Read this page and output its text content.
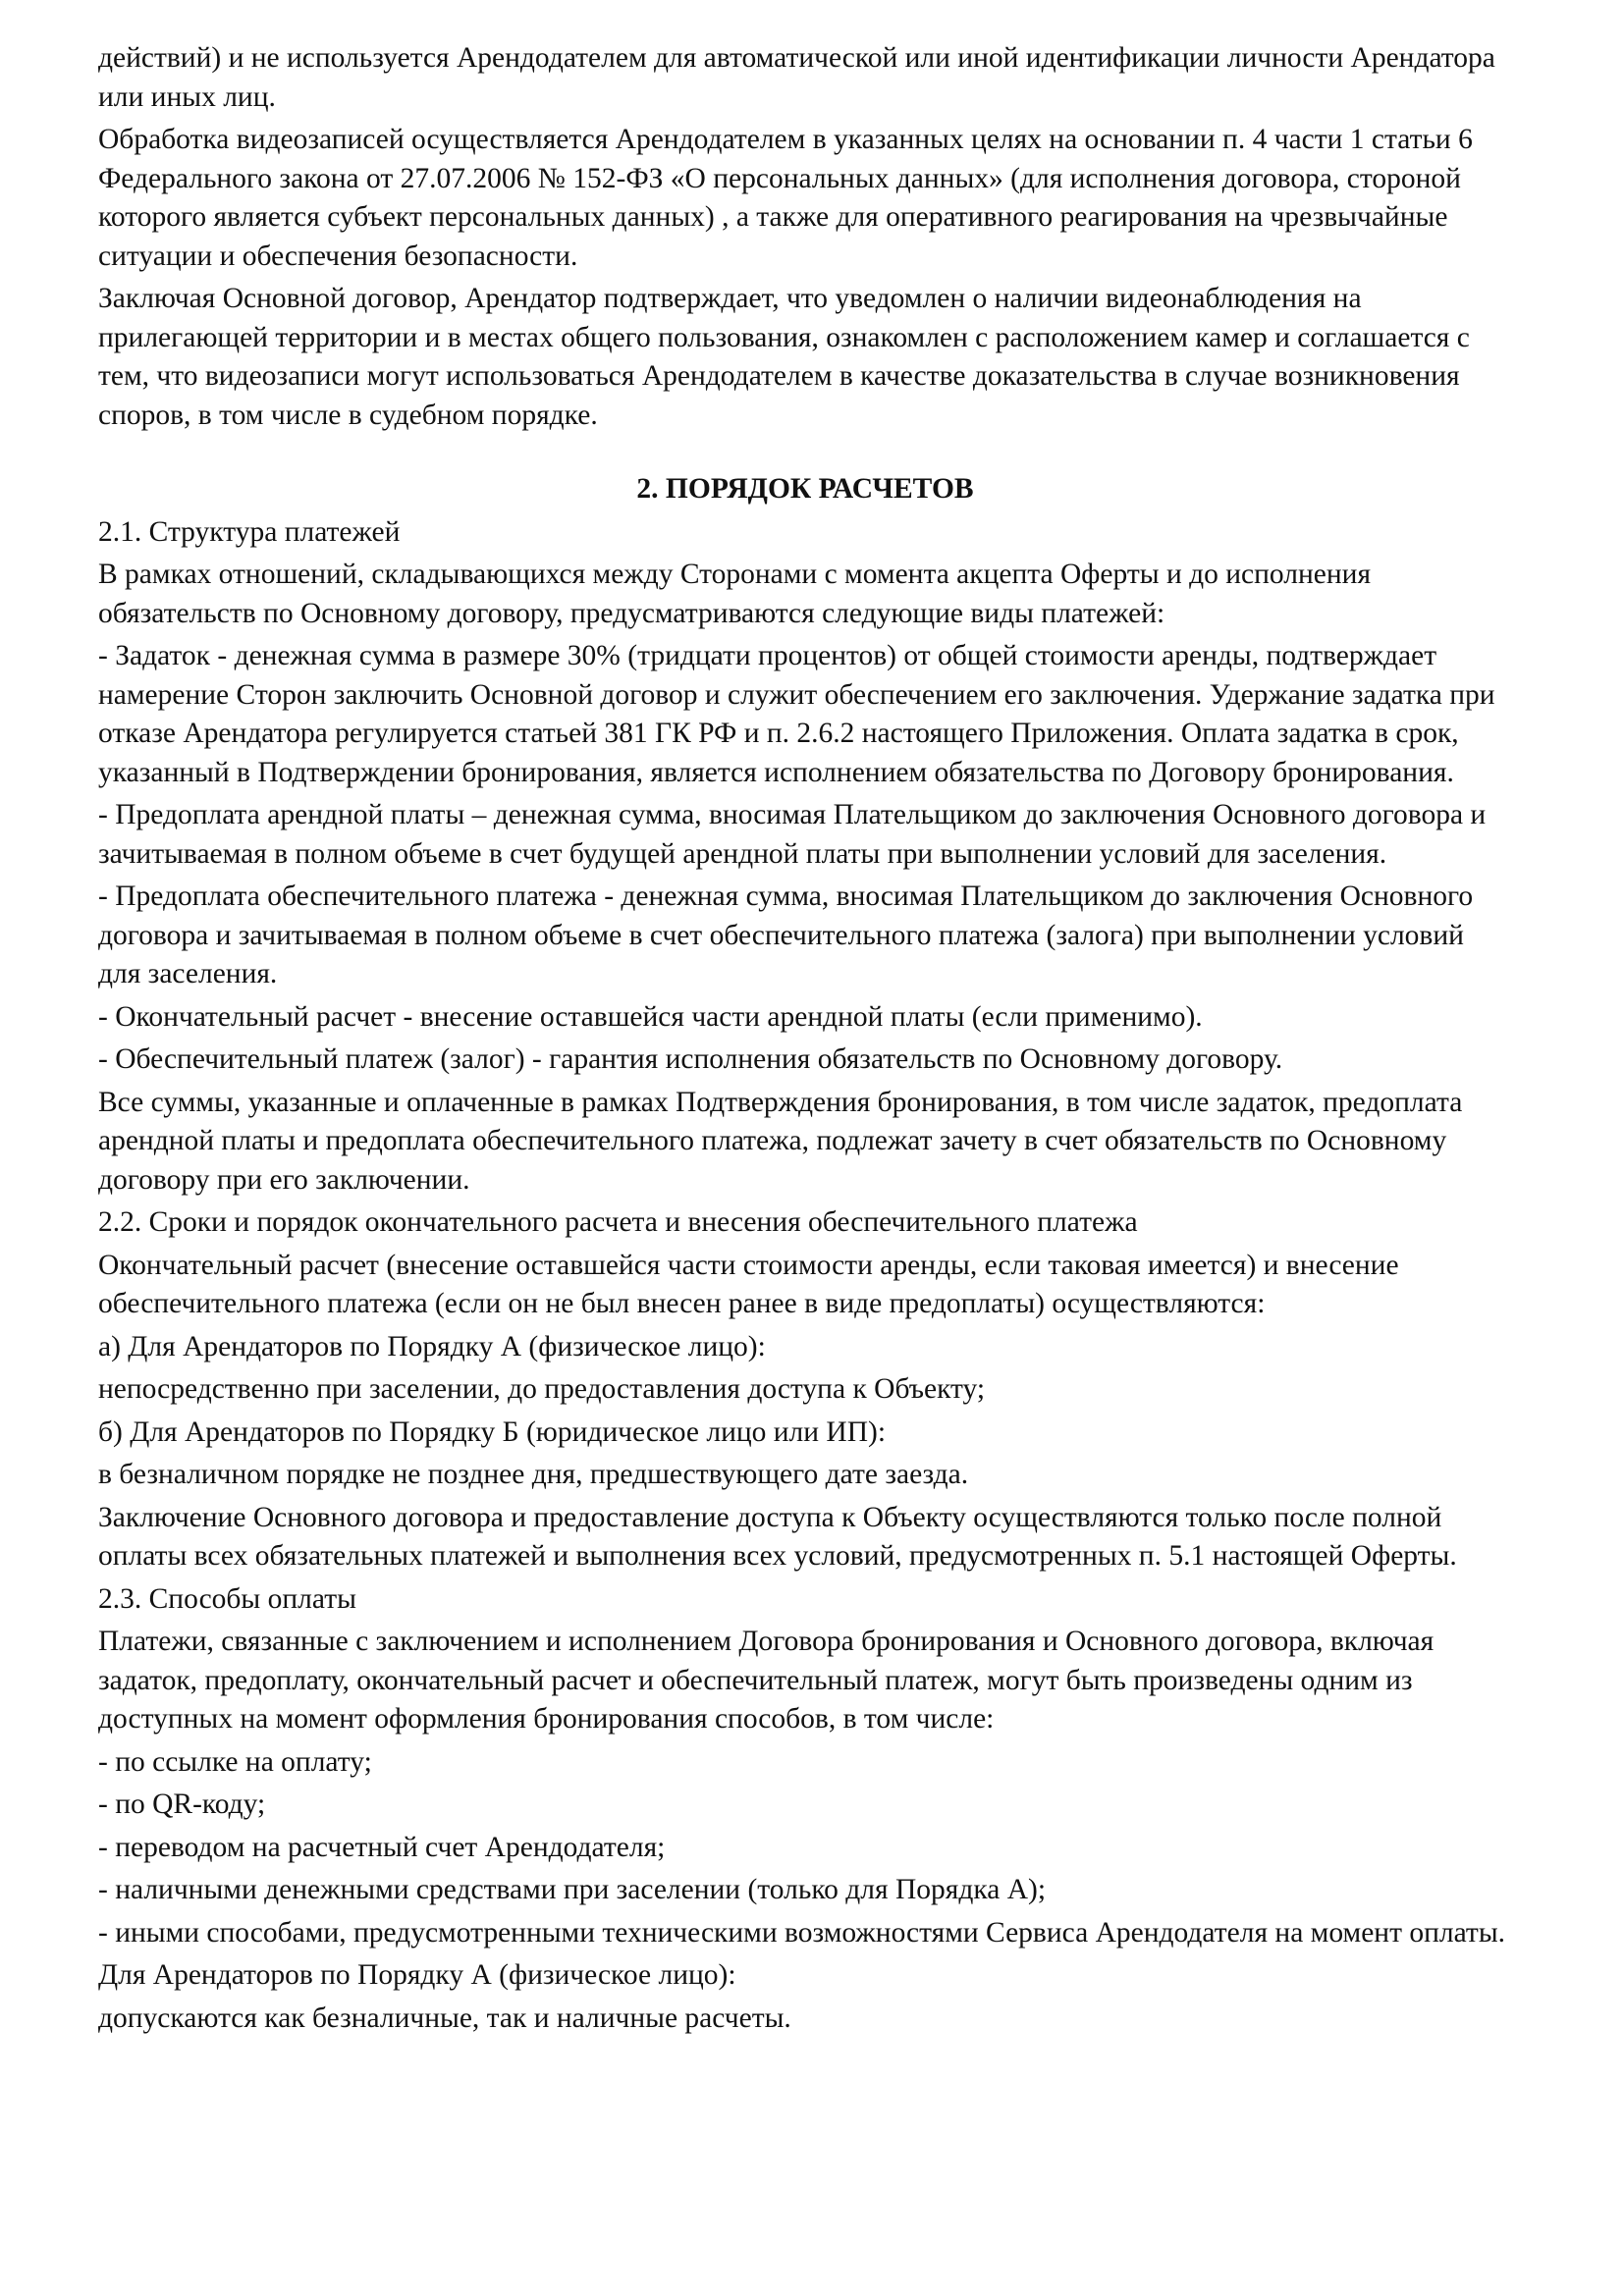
действий) и не используется Арендодателем для автоматической или иной идентификации личности Арендатора или иных лиц.

Обработка видеозаписей осуществляется Арендодателем в указанных целях на основании п. 4 части 1 статьи 6 Федерального закона от 27.07.2006 № 152-ФЗ «О персональных данных» (для исполнения договора, стороной которого является субъект персональных данных) , а также для оперативного реагирования на чрезвычайные ситуации и обеспечения безопасности.

Заключая Основной договор, Арендатор подтверждает, что уведомлен о наличии видеонаблюдения на прилегающей территории и в местах общего пользования, ознакомлен с расположением камер и соглашается с тем, что видеозаписи могут использоваться Арендодателем в качестве доказательства в случае возникновения споров, в том числе в судебном порядке.

2. ПОРЯДОК РАСЧЕТОВ

2.1. Структура платежей

В рамках отношений, складывающихся между Сторонами с момента акцепта Оферты и до исполнения обязательств по Основному договору, предусматриваются следующие виды платежей:

- Задаток - денежная сумма в размере 30% (тридцати процентов) от общей стоимости аренды, подтверждает намерение Сторон заключить Основной договор и служит обеспечением его заключения. Удержание задатка при отказе Арендатора регулируется статьей 381 ГК РФ и п. 2.6.2 настоящего Приложения. Оплата задатка в срок, указанный в Подтверждении бронирования, является исполнением обязательства по Договору бронирования.

- Предоплата арендной платы – денежная сумма, вносимая Плательщиком до заключения Основного договора и зачитываемая в полном объеме в счет будущей арендной платы при выполнении условий для заселения.

- Предоплата обеспечительного платежа - денежная сумма, вносимая Плательщиком до заключения Основного договора и зачитываемая в полном объеме в счет обеспечительного платежа (залога) при выполнении условий для заселения.

- Окончательный расчет - внесение оставшейся части арендной платы (если применимо).

- Обеспечительный платеж (залог) - гарантия исполнения обязательств по Основному договору.

Все суммы, указанные и оплаченные в рамках Подтверждения бронирования, в том числе задаток, предоплата арендной платы и предоплата обеспечительного платежа, подлежат зачету в счет обязательств по Основному договору при его заключении.

2.2. Сроки и порядок окончательного расчета и внесения обеспечительного платежа

Окончательный расчет (внесение оставшейся части стоимости аренды, если таковая имеется) и внесение обеспечительного платежа (если он не был внесен ранее в виде предоплаты) осуществляются:

а) Для Арендаторов по Порядку А (физическое лицо):

непосредственно при заселении, до предоставления доступа к Объекту;

б) Для Арендаторов по Порядку Б (юридическое лицо или ИП):

в безналичном порядке не позднее дня, предшествующего дате заезда.

Заключение Основного договора и предоставление доступа к Объекту осуществляются только после полной оплаты всех обязательных платежей и выполнения всех условий, предусмотренных п. 5.1 настоящей Оферты.

2.3. Способы оплаты

Платежи, связанные с заключением и исполнением Договора бронирования и Основного договора, включая задаток, предоплату, окончательный расчет и обеспечительный платеж, могут быть произведены одним из доступных на момент оформления бронирования способов, в том числе:

- по ссылке на оплату;

- по QR-коду;

- переводом на расчетный счет Арендодателя;

- наличными денежными средствами при заселении (только для Порядка А);

- иными способами, предусмотренными техническими возможностями Сервиса Арендодателя на момент оплаты.

Для Арендаторов по Порядку А (физическое лицо):

допускаются как безналичные, так и наличные расчеты.
